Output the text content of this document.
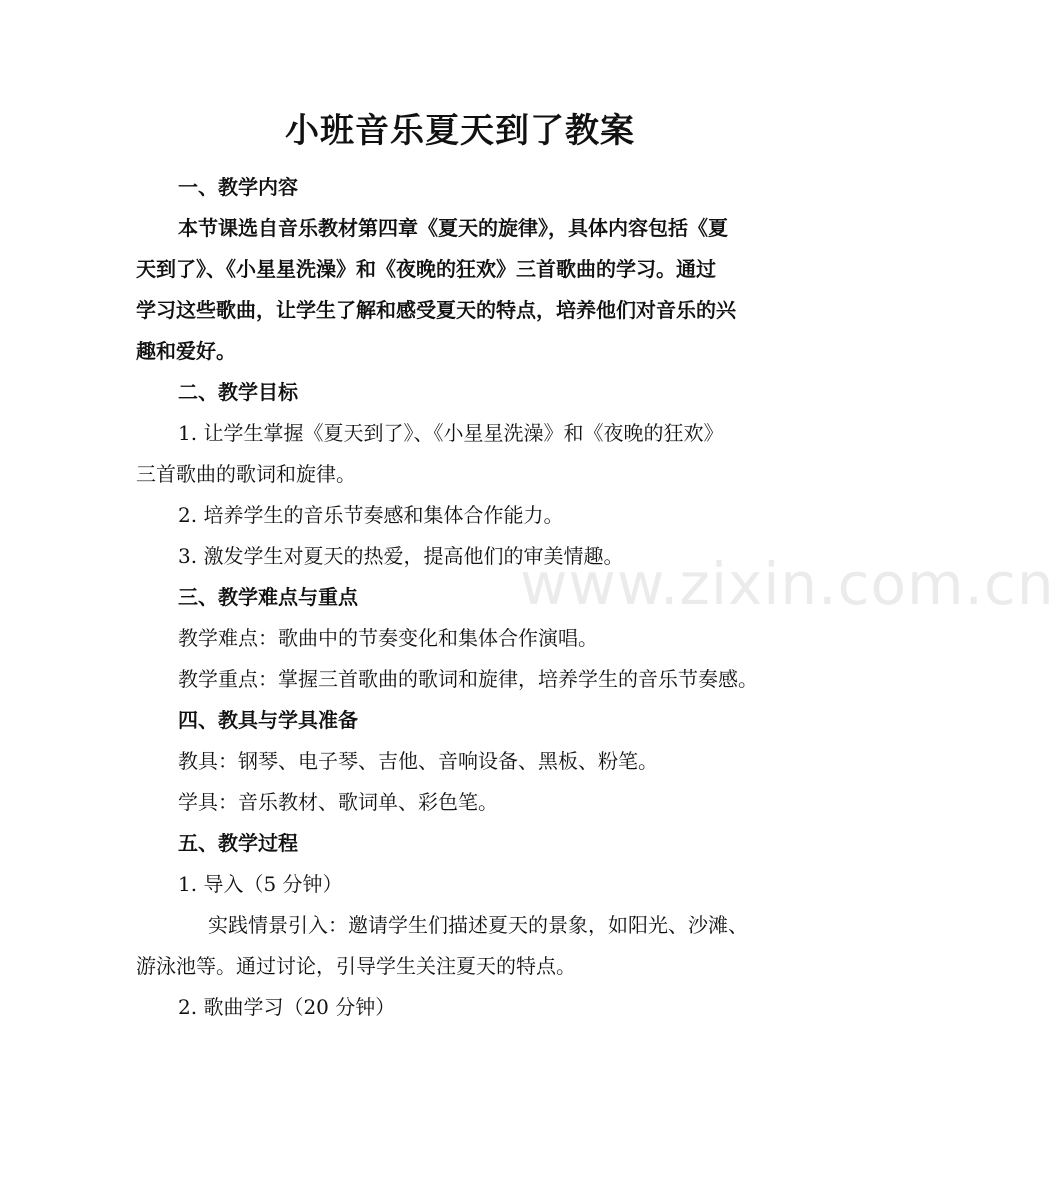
www.zixin.com.cn
小班音乐夏天到了教案
一、教学内容
本节课选自音乐教材第四章《夏天的旋律》，具体内容包括《夏
天到了》、《小星星洗澡》和《夜晚的狂欢》三首歌曲的学习。通过
学习这些歌曲，让学生了解和感受夏天的特点，培养他们对音乐的兴
趣和爱好。
二、教学目标
1. 让学生掌握《夏天到了》、《小星星洗澡》和《夜晚的狂欢》
三首歌曲的歌词和旋律。
2. 培养学生的音乐节奏感和集体合作能力。
3. 激发学生对夏天的热爱，提高他们的审美情趣。
三、教学难点与重点
教学难点：歌曲中的节奏变化和集体合作演唱。
教学重点：掌握三首歌曲的歌词和旋律，培养学生的音乐节奏感。
四、教具与学具准备
教具：钢琴、电子琴、吉他、音响设备、黑板、粉笔。
学具：音乐教材、歌词单、彩色笔。
五、教学过程
1. 导入（5 分钟）
实践情景引入：邀请学生们描述夏天的景象，如阳光、沙滩、
游泳池等。通过讨论，引导学生关注夏天的特点。
2. 歌曲学习（20 分钟）
